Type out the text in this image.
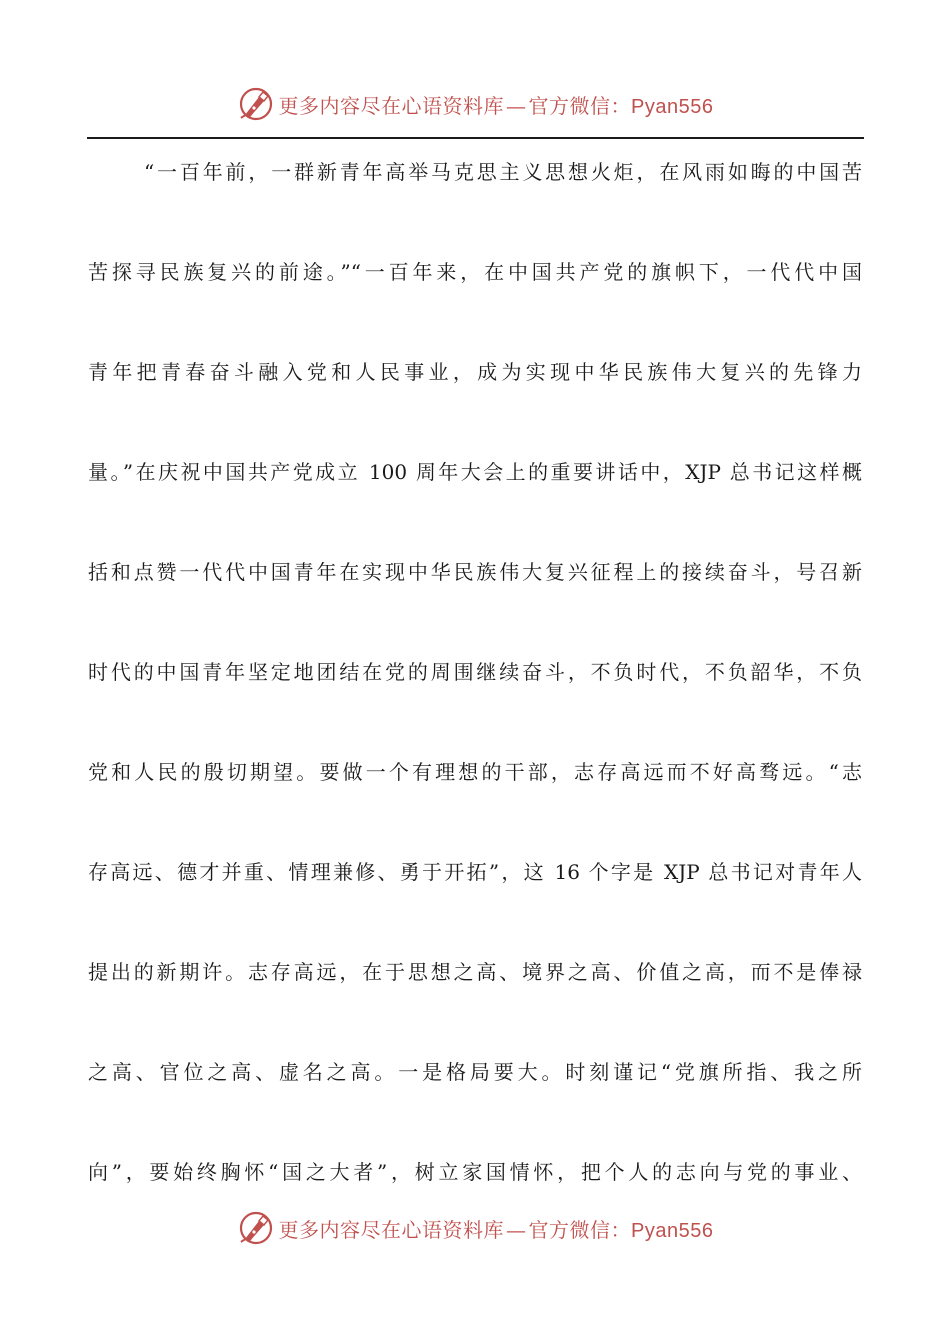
更多内容尽在心语资料库 — 官方微信：Pyan556
“一百年前，一群新青年高举马克思主义思想火炬，在风雨如晦的中国苦
苦探寻民族复兴的前途。”“一百年来，在中国共产党的旗帜下，一代代中国
青年把青春奋斗融入党和人民事业，成为实现中华民族伟大复兴的先锋力
量。”在庆祝中国共产党成立 100 周年大会上的重要讲话中，XJP 总书记这样概
括和点赞一代代中国青年在实现中华民族伟大复兴征程上的接续奋斗，号召新
时代的中国青年坚定地团结在党的周围继续奋斗，不负时代，不负韶华，不负
党和人民的殷切期望。要做一个有理想的干部，志存高远而不好高骛远。“志
存高远、德才并重、情理兼修、勇于开拓”，这 16 个字是 XJP 总书记对青年人
提出的新期许。志存高远，在于思想之高、境界之高、价值之高，而不是俸禄
之高、官位之高、虚名之高。一是格局要大。时刻谨记“党旗所指、我之所
向”，要始终胸怀“国之大者”，树立家国情怀，把个人的志向与党的事业、
更多内容尽在心语资料库 — 官方微信：Pyan556
